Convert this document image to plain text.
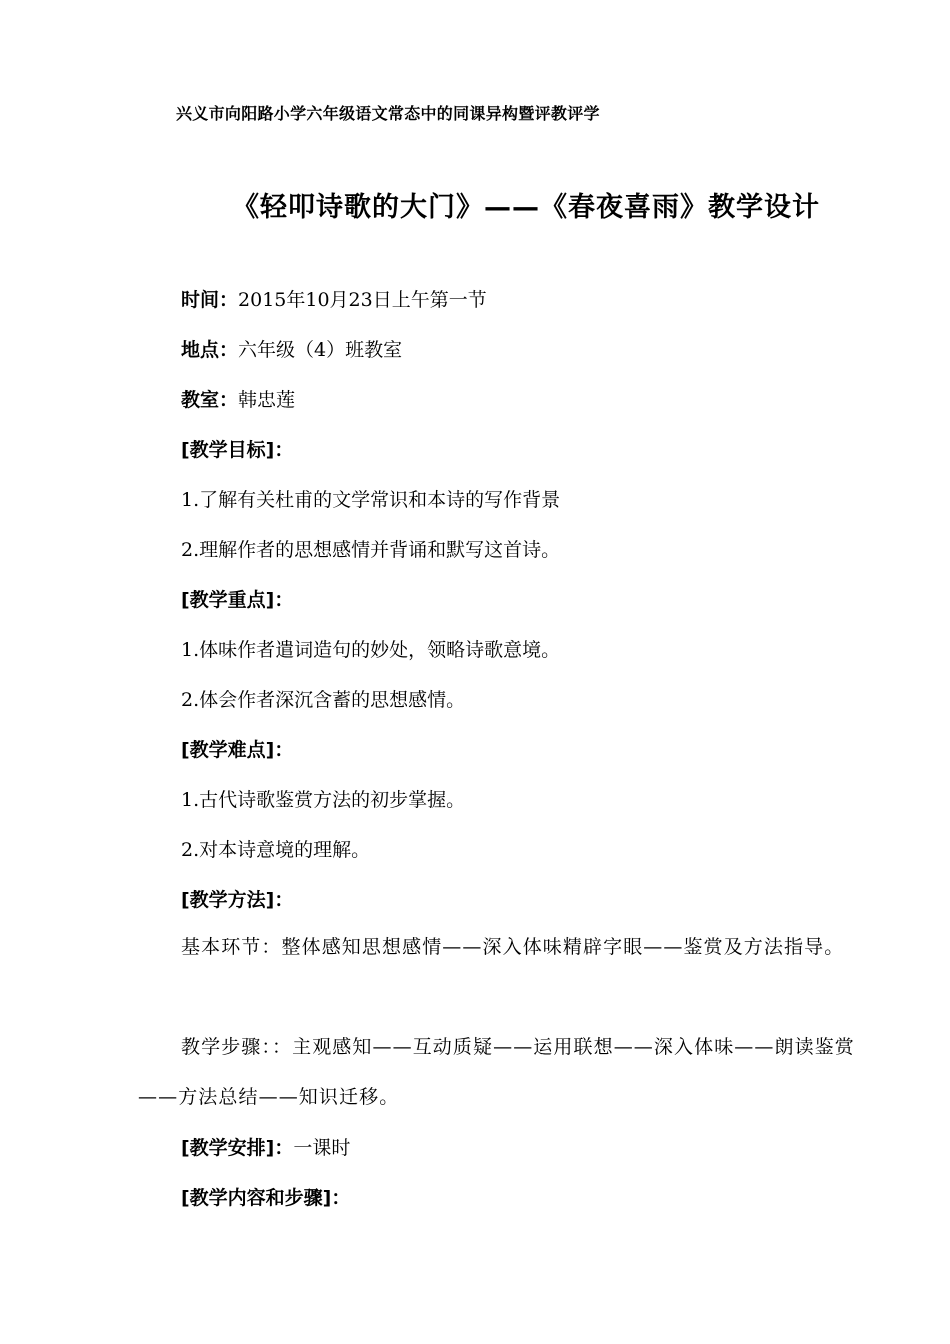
兴义市向阳路小学六年级语文常态中的同课异构暨评教评学
《轻叩诗歌的大门》——《春夜喜雨》教学设计
时间：2015年10月23日上午第一节
地点：六年级（4）班教室
教室：韩忠莲
[教学目标]：
1.了解有关杜甫的文学常识和本诗的写作背景
2.理解作者的思想感情并背诵和默写这首诗。
[教学重点]：
1.体味作者遣词造句的妙处，领略诗歌意境。
2.体会作者深沉含蓄的思想感情。
[教学难点]：
1.古代诗歌鉴赏方法的初步掌握。
2.对本诗意境的理解。
[教学方法]：
基本环节：整体感知思想感情——深入体味精辟字眼——鉴赏及方法指导。
教学步骤：：主观感知——互动质疑——运用联想——深入体味——朗读鉴赏——方法总结——知识迁移。
[教学安排]：一课时
[教学内容和步骤]：
